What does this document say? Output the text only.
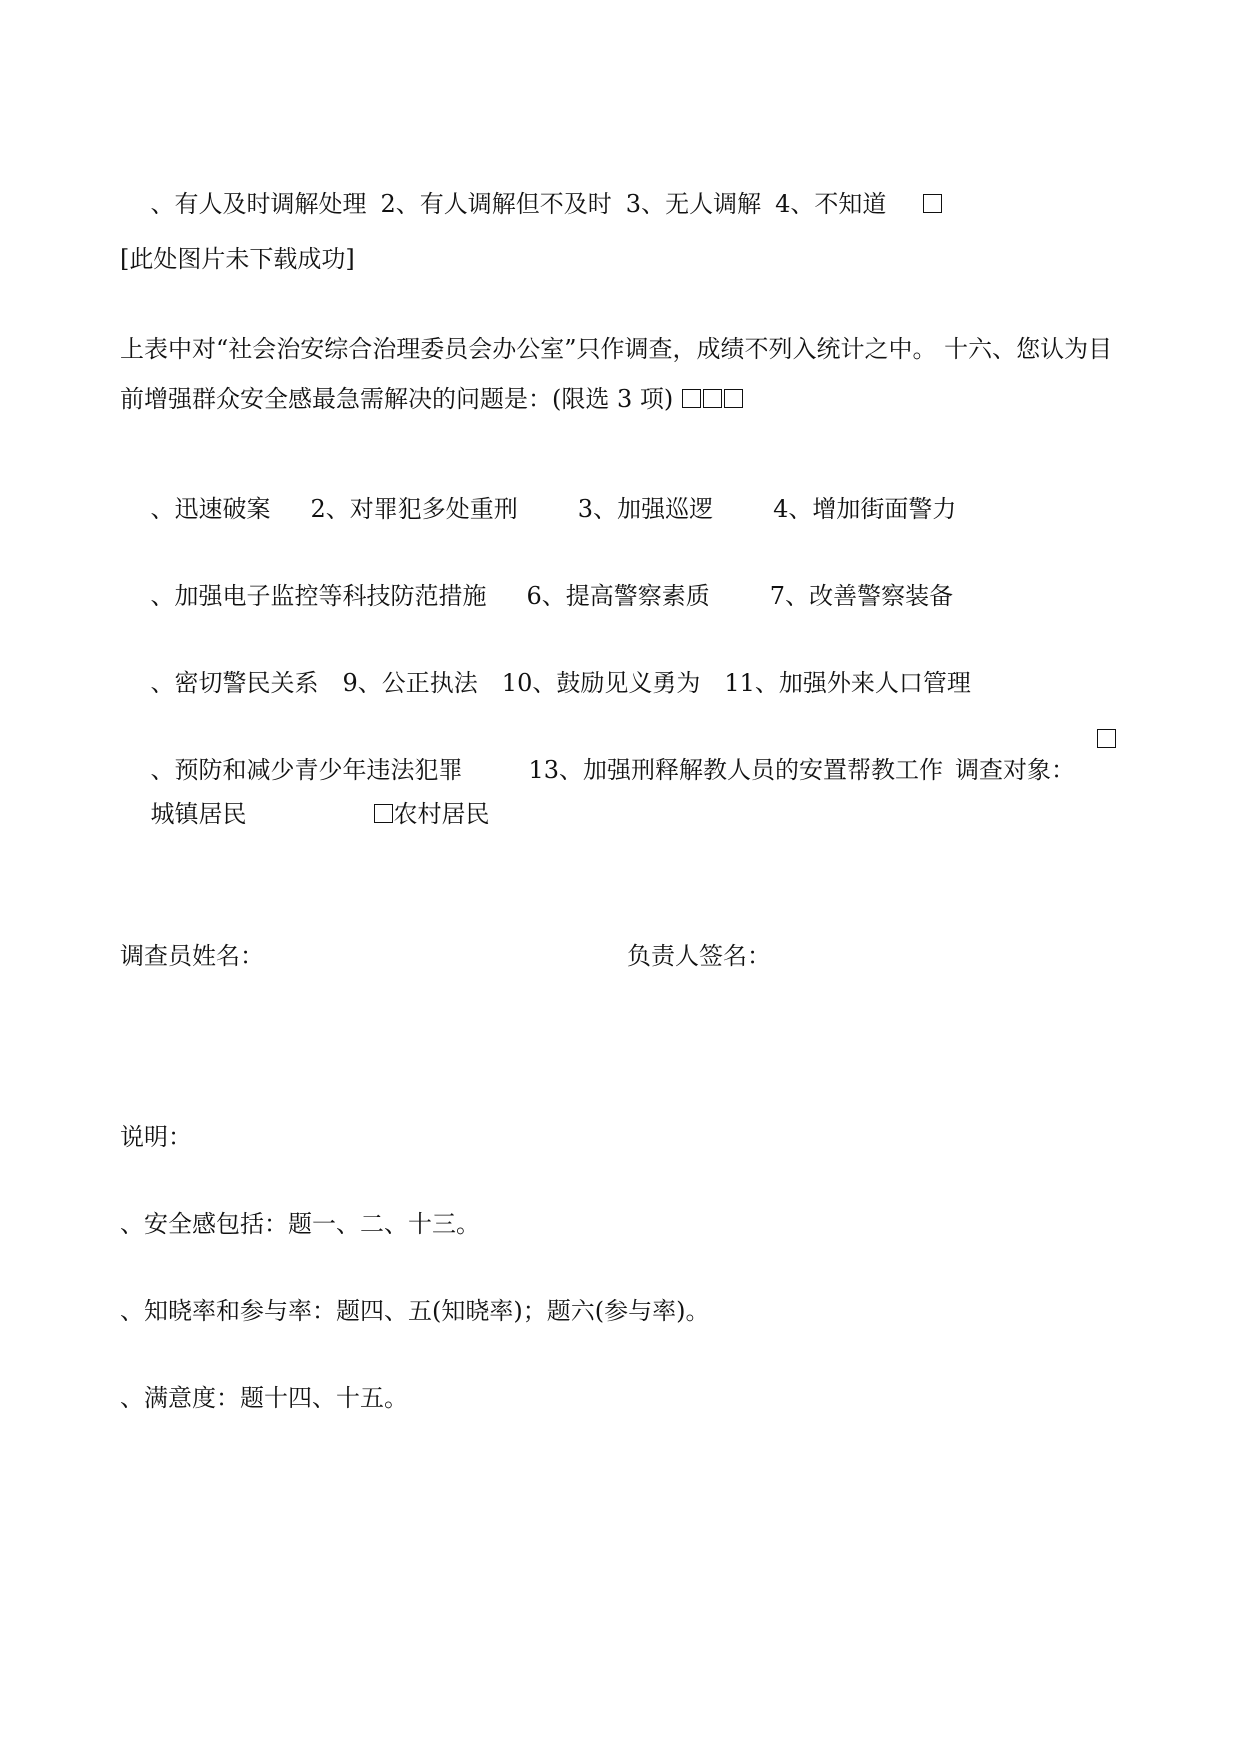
、有人及时调解处理 2、有人调解但不及时 3、无人调解 4、不知道

[此处图片未下载成功]
上表中对“社会治安综合治理委员会办公室”只作调查，成绩不列入统计之中。 十六、您认为目前增强群众安全感最急需解决的问题是：(限选 3 项)

、迅速破案 2、对罪犯多处重刑	3、加强巡逻	4、增加街面警力

、加强电子监控等科技防范措施 6、提高警察素质	7、改善警察装备

、密切警民关系 9、公正执法 10、鼓励见义勇为 11、加强外来人口管理

、预防和减少青少年违法犯罪	13、加强刑释解教人员的安置帮教工作 调查对象：

城镇居民	农村居民

调查员姓名：	负责人签名：
说明：
、安全感包括：题一、二、十三。
、知晓率和参与率：题四、五(知晓率)；题六(参与率)。
、满意度：题十四、十五。
